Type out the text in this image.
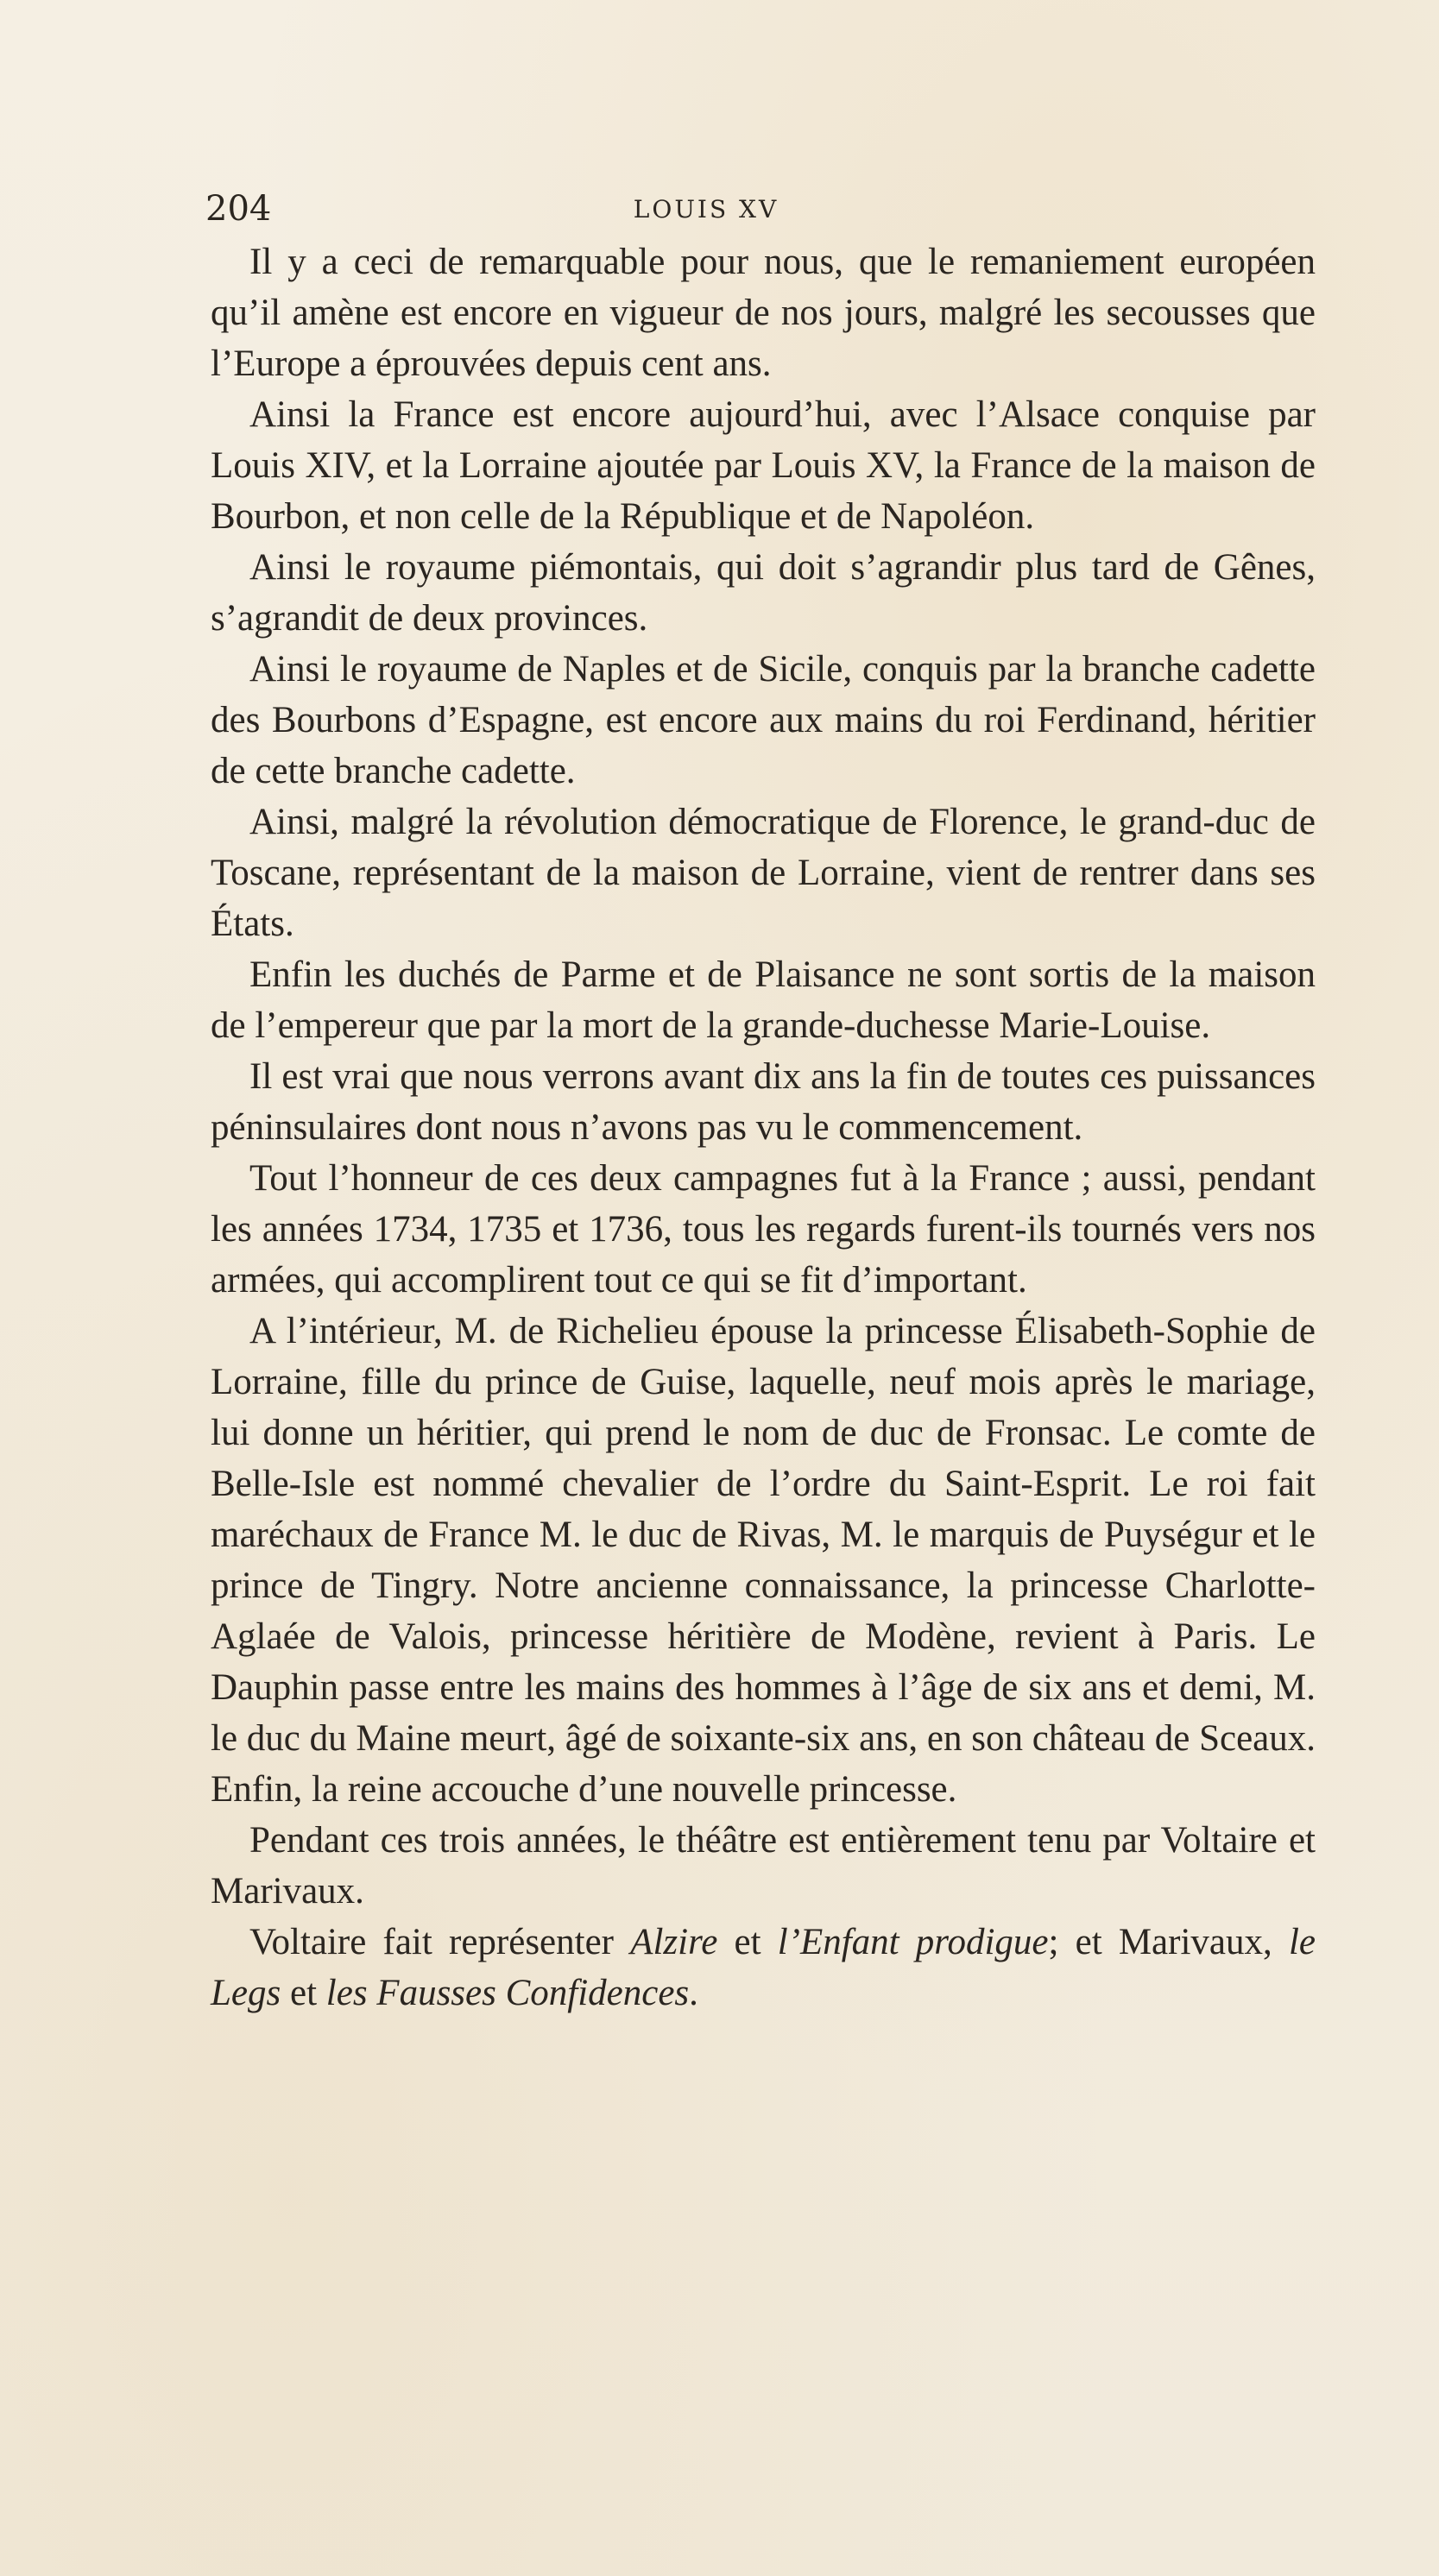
204	LOUIS XV

Il y a ceci de remarquable pour nous, que le remaniement européen qu’il amène est encore en vigueur de nos jours, malgré les secousses que l’Europe a éprouvées depuis cent ans.

Ainsi la France est encore aujourd’hui, avec l’Alsace conquise par Louis XIV, et la Lorraine ajoutée par Louis XV, la France de la maison de Bourbon, et non celle de la République et de Napoléon.

Ainsi le royaume piémontais, qui doit s’agrandir plus tard de Gênes, s’agrandit de deux provinces.

Ainsi le royaume de Naples et de Sicile, conquis par la branche cadette des Bourbons d’Espagne, est encore aux mains du roi Ferdinand, héritier de cette branche cadette.

Ainsi, malgré la révolution démocratique de Florence, le grand-duc de Toscane, représentant de la maison de Lorraine, vient de rentrer dans ses États.

Enfin les duchés de Parme et de Plaisance ne sont sortis de la maison de l’empereur que par la mort de la grande-duchesse Marie-Louise.

Il est vrai que nous verrons avant dix ans la fin de toutes ces puissances péninsulaires dont nous n’avons pas vu le commencement.

Tout l’honneur de ces deux campagnes fut à la France ; aussi, pendant les années 1734, 1735 et 1736, tous les regards furent-ils tournés vers nos armées, qui accomplirent tout ce qui se fit d’important.

A l’intérieur, M. de Richelieu épouse la princesse Élisabeth-Sophie de Lorraine, fille du prince de Guise, laquelle, neuf mois après le mariage, lui donne un héritier, qui prend le nom de duc de Fronsac. Le comte de Belle-Isle est nommé chevalier de l’ordre du Saint-Esprit. Le roi fait maréchaux de France M. le duc de Rivas, M. le marquis de Puységur et le prince de Tingry. Notre ancienne connaissance, la princesse Charlotte-Aglaée de Valois, princesse héritière de Modène, revient à Paris. Le Dauphin passe entre les mains des hommes à l’âge de six ans et demi, M. le duc du Maine meurt, âgé de soixante-six ans, en son château de Sceaux. Enfin, la reine accouche d’une nouvelle princesse.

Pendant ces trois années, le théâtre est entièrement tenu par Voltaire et Marivaux.

Voltaire fait représenter Alzire et l’Enfant prodigue; et Marivaux, le Legs et les Fausses Confidences.
